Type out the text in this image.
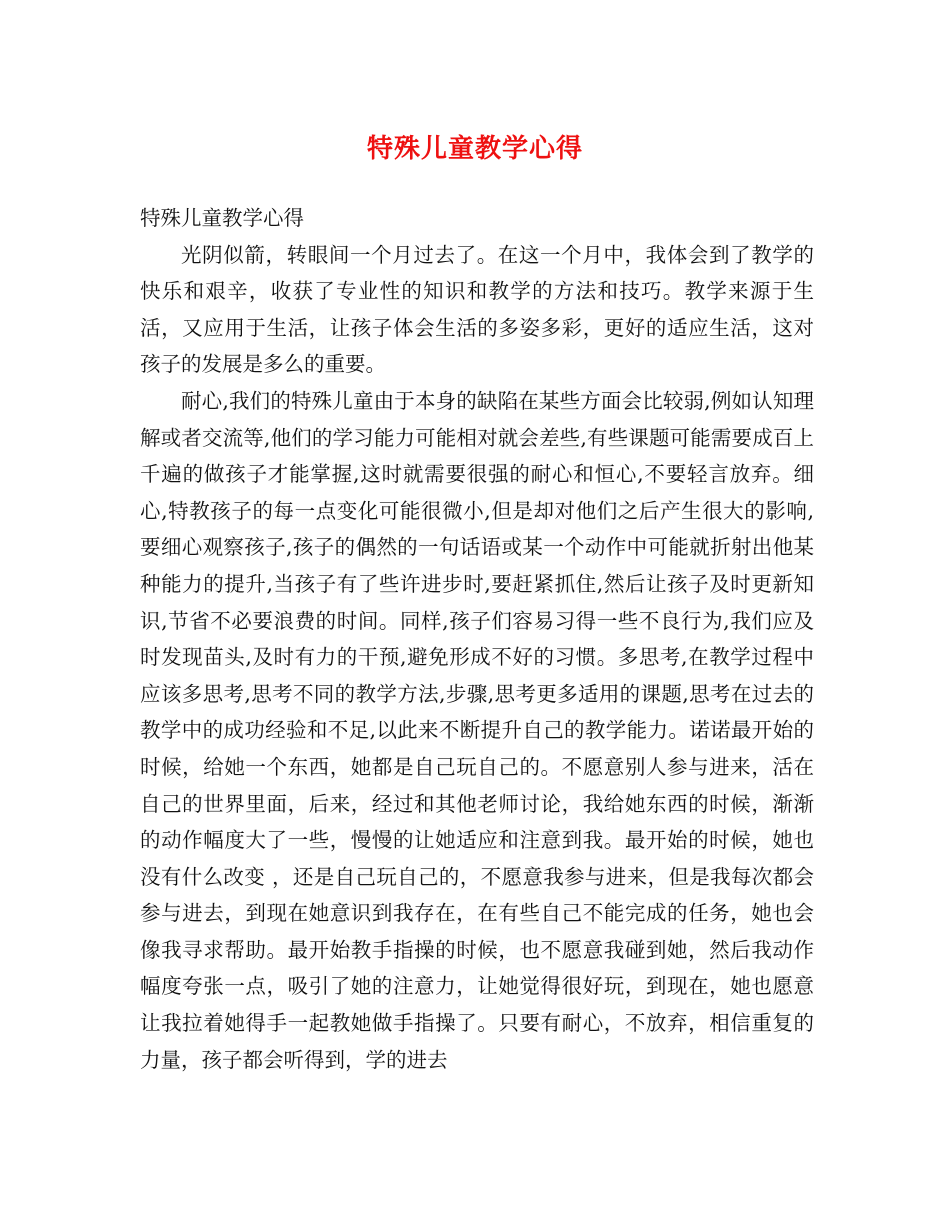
特殊儿童教学心得

特殊儿童教学心得

光阴似箭，转眼间一个月过去了。在这一个月中，我体会到了教学的快乐和艰辛，收获了专业性的知识和教学的方法和技巧。教学来源于生活，又应用于生活，让孩子体会生活的多姿多彩，更好的适应生活，这对孩子的发展是多么的重要。

耐心,我们的特殊儿童由于本身的缺陷在某些方面会比较弱,例如认知理解或者交流等,他们的学习能力可能相对就会差些,有些课题可能需要成百上千遍的做孩子才能掌握,这时就需要很强的耐心和恒心,不要轻言放弃。细心,特教孩子的每一点变化可能很微小,但是却对他们之后产生很大的影响,要细心观察孩子,孩子的偶然的一句话语或某一个动作中可能就折射出他某种能力的提升,当孩子有了些许进步时,要赶紧抓住,然后让孩子及时更新知识,节省不必要浪费的时间。同样,孩子们容易习得一些不良行为,我们应及时发现苗头,及时有力的干预,避免形成不好的习惯。多思考,在教学过程中应该多思考,思考不同的教学方法,步骤,思考更多适用的课题,思考在过去的教学中的成功经验和不足,以此来不断提升自己的教学能力。诺诺最开始的时候，给她一个东西，她都是自己玩自己的。不愿意别人参与进来，活在自己的世界里面，后来，经过和其他老师讨论，我给她东西的时候，渐渐的动作幅度大了一些，慢慢的让她适应和注意到我。最开始的时候，她也没有什么改变 ，还是自己玩自己的，不愿意我参与进来，但是我每次都会参与进去，到现在她意识到我存在，在有些自己不能完成的任务，她也会像我寻求帮助。最开始教手指操的时候，也不愿意我碰到她，然后我动作幅度夸张一点，吸引了她的注意力，让她觉得很好玩，到现在，她也愿意让我拉着她得手一起教她做手指操了。只要有耐心，不放弃，相信重复的力量，孩子都会听得到，学的进去
